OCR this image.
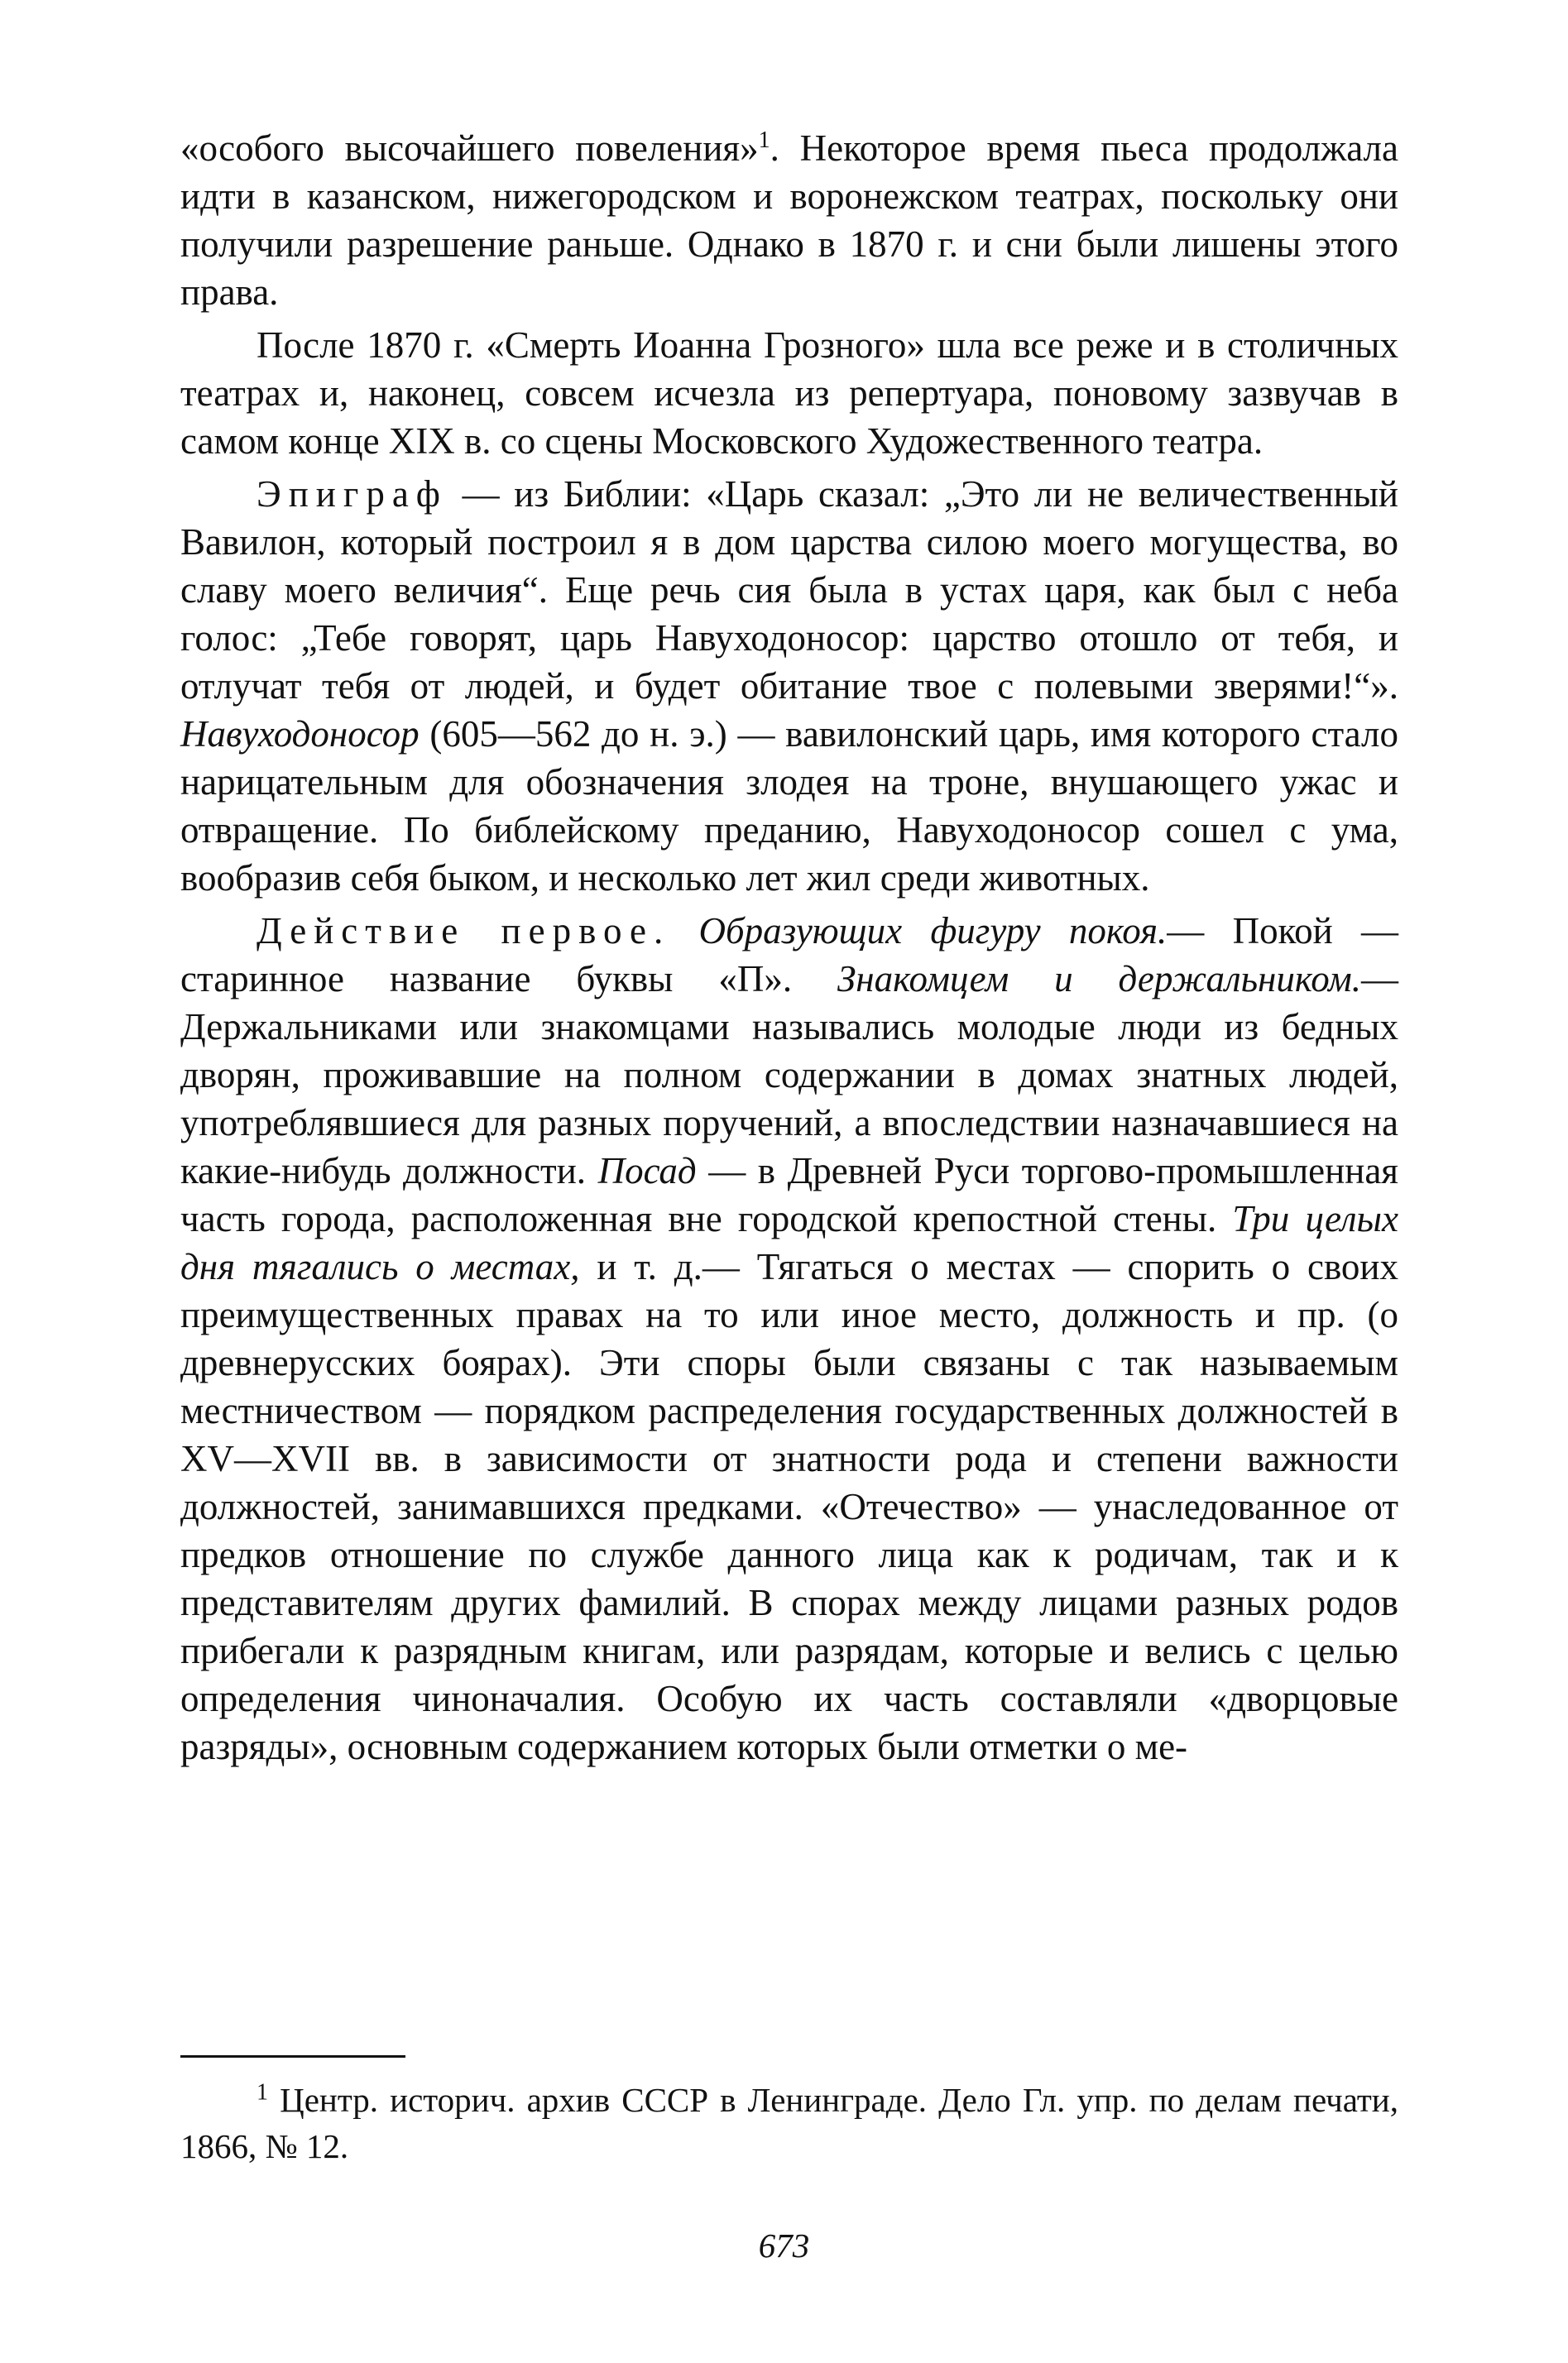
«особого высочайшего повеления»$^1$. Некоторое время пьеса продолжала идти в казанском, нижегородском и воронежском театрах, поскольку они получили разрешение раньше. Однако в 1870 г. и сни были лишены этого права.

После 1870 г. «Смерть Иоанна Грозного» шла все реже и в столичных театрах и, наконец, совсем исчезла из репертуара, поновому зазвучав в самом конце XIX в. со сцены Московского Художественного театра.

Эпиграф — из Библии: «Царь сказал: „Это ли не величественный Вавилон, который построил я в дом царства силою моего могущества, во славу моего величия“. Еще речь сия была в устах царя, как был с неба голос: „Тебе говорят, царь Навуходоносор: царство отошло от тебя, и отлучат тебя от людей, и будет обитание твое с полевыми зверями!“». Навуходоносор (605—562 до н. э.) — вавилонский царь, имя которого стало нарицательным для обозначения злодея на троне, внушающего ужас и отвращение. По библейскому преданию, Навуходоносор сошел с ума, вообразив себя быком, и несколько лет жил среди животных.

Действие первое. Образующих фигуру покоя.— Покой — старинное название буквы «П». Знакомцем и держальником.— Держальниками или знакомцами назывались молодые люди из бедных дворян, проживавшие на полном содержании в домах знатных людей, употреблявшиеся для разных поручений, а впоследствии назначавшиеся на какие-нибудь должности. Посад — в Древней Руси торгово-промышленная часть города, расположенная вне городской крепостной стены. Три целых дня тягались о местах, и т. д.— Тягаться о местах — спорить о своих преимущественных правах на то или иное место, должность и пр. (о древнерусских боярах). Эти споры были связаны с так называемым местничеством — порядком распределения государственных должностей в XV—XVII вв. в зависимости от знатности рода и степени важности должностей, занимавшихся предками. «Отечество» — унаследованное от предков отношение по службе данного лица как к родичам, так и к представителям других фамилий. В спорах между лицами разных родов прибегали к разрядным книгам, или разрядам, которые и велись с целью определения чиноначалия. Особую их часть составляли «дворцовые разряды», основным содержанием которых были отметки о ме-

$^1$ Центр. историч. архив СССР в Ленинграде. Дело Гл. упр. по делам печати, 1866, № 12.

673
